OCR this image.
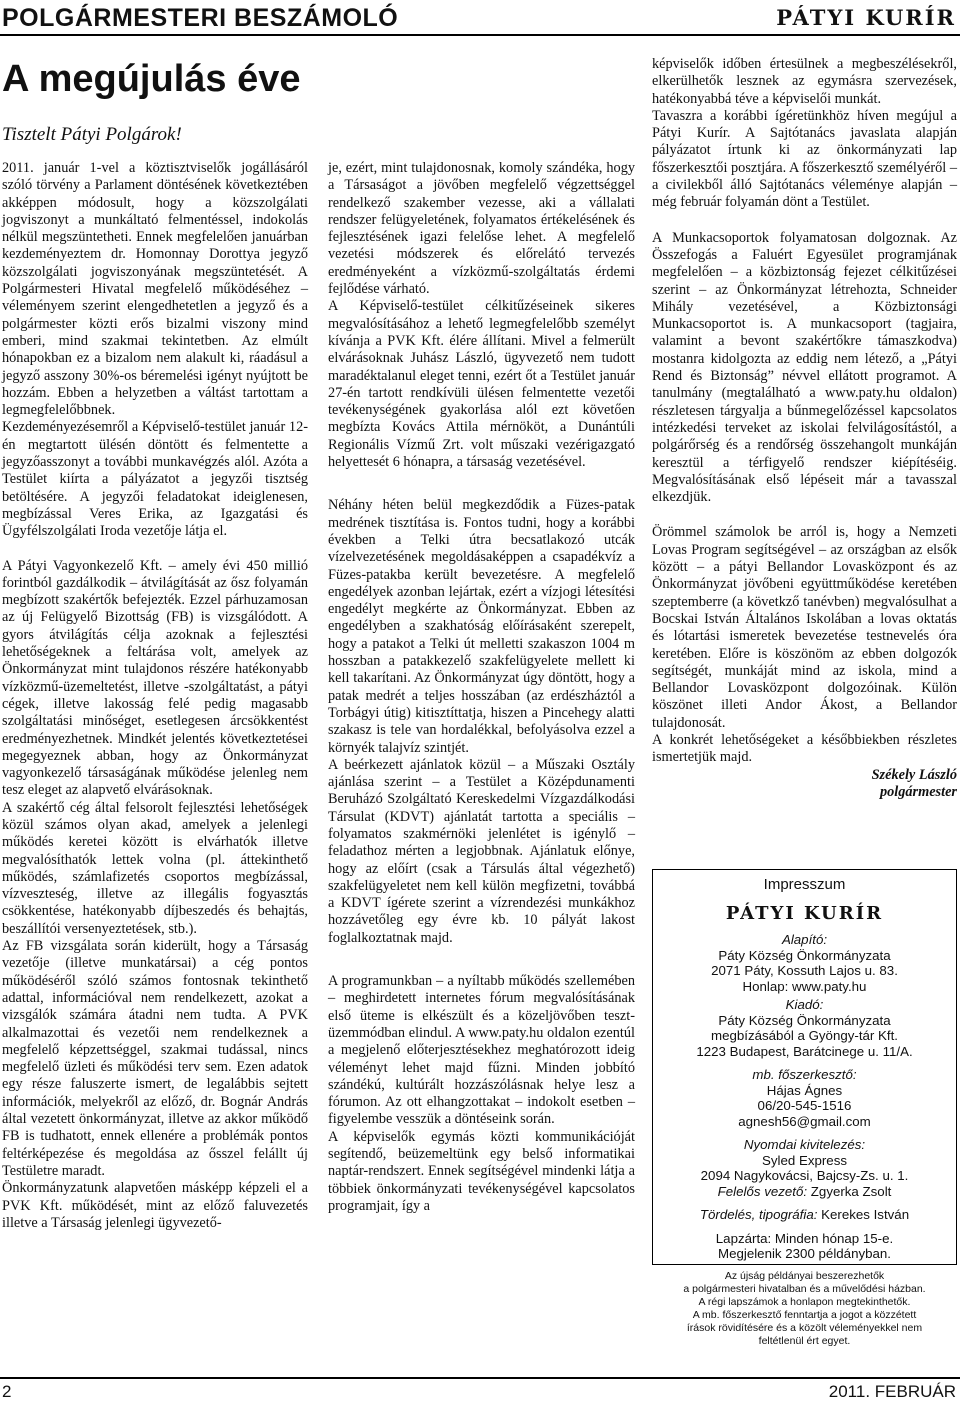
POLGÁRMESTERI BESZÁMOLÓ	PÁTYI KURÍR
A megújulás éve
Tisztelt Pátyi Polgárok!

2011. január 1-vel a köztisztviselők jogállásáról szóló törvény a Parlament döntésének következtében akképpen módosult, hogy a közszolgálati jogviszonyt a munkáltató felmentéssel, indokolás nélkül megszüntetheti. Ennek megfelelően januárban kezdeményeztem dr. Homonnay Dorottya jegyző közszolgálati jogviszonyának megszüntetését. A Polgármesteri Hivatal megfelelő működéséhez – véleményem szerint elengedhetetlen a jegyző és a polgármester közti erős bizalmi viszony mind emberi, mind szakmai tekintetben. Az elmúlt hónapokban ez a bizalom nem alakult ki, ráadásul a jegyző asszony 30%-os béremelési igényt nyújtott be hozzám. Ebben a helyzetben a váltást tartottam a legmegfelelőbbnek.

Kezdeményezésemről a Képviselő-testület január 12-én megtartott ülésén döntött és felmentette a jegyzőasszonyt a további munkavégzés alól. Azóta a Testület kiírta a pályázatot a jegyzői tisztség betöltésére. A jegyzői feladatokat ideiglenesen, megbízással Veres Erika, az Igazgatási és Ügyfélszolgálati Iroda vezetője látja el.

A Pátyi Vagyonkezelő Kft. – amely évi 450 millió forintból gazdálkodik – átvilágítását az ősz folyamán megbízott szakértők befejezték. Ezzel párhuzamosan az új Felügyelő Bizottság (FB) is vizsgálódott. A gyors átvilágítás célja azoknak a fejlesztési lehetőségeknek a feltárása volt, amelyek az Önkormányzat mint tulajdonos részére hatékonyabb vízközmű-üzemeltetést, illetve -szolgáltatást, a pátyi cégek, illetve lakosság felé pedig magasabb szolgáltatási minőséget, esetlegesen árcsökkentést eredményezhetnek. Mindkét jelentés következtetései megegyeznek abban, hogy az Önkormányzat vagyonkezelő társaságának működése jelenleg nem tesz eleget az alapvető elvárásoknak.

A szakértő cég által felsorolt fejlesztési lehetőségek közül számos olyan akad, amelyek a jelenlegi működés keretei között is elvárhatók illetve megvalósíthatók lettek volna (pl. áttekinthető működés, számlafizetés csoportos megbízással, vízveszteség, illetve az illegális fogyasztás csökkentése, hatékonyabb díjbeszedés és behajtás, beszállítói versenyeztetések, stb.).

Az FB vizsgálata során kiderült, hogy a Társaság vezetője (illetve munkatársai) a cég pontos működéséről szóló számos fontosnak tekinthető adattal, információval nem rendelkezett, azokat a vizsgálók számára átadni nem tudta. A PVK alkalmazottai és vezetői nem rendelkeznek a megfelelő képzettséggel, szakmai tudással, nincs megfelelő üzleti és működési terv sem. Ezen adatok egy része faluszerte ismert, de legalábbis sejtett információk, melyekről az előző, dr. Bognár András által vezetett önkormányzat, illetve az akkor működő FB is tudhatott, ennek ellenére a problémák pontos feltérképezése és megoldása az ősszel felállt új Testületre maradt.

Önkormányzatunk alapvetően másképp képzeli el a PVK Kft. működését, mint az előző faluvezetés illetve a Társaság jelenlegi ügyvezető-

je, ezért, mint tulajdonosnak, komoly szándéka, hogy a Társaságot a jövőben megfelelő végzettséggel rendelkező szakember vezesse, aki a vállalati rendszer felügyeletének, folyamatos értékelésének és fejlesztésének igazi felelőse lehet. A megfelelő vezetési módszerek és előrelátó tervezés eredményeként a vízközmű-szolgáltatás érdemi fejlődése várható.

A Képviselő-testület célkitűzéseinek sikeres megvalósításához a lehető legmegfelelőbb személyt kívánja a PVK Kft. élére állítani. Mivel a felmerült elvárásoknak Juhász László, ügyvezető nem tudott maradéktalanul eleget tenni, ezért őt a Testület január 27-én tartott rendkívüli ülésen felmentette vezetői tevékenységének gyakorlása alól ezt követően megbízta Kovács Attila mérnököt, a Dunántúli Regionális Vízmű Zrt. volt műszaki vezérigazgató helyettesét 6 hónapra, a társaság vezetésével.

Néhány héten belül megkezdődik a Füzes-patak medrének tisztítása is. Fontos tudni, hogy a korábbi években a Telki útra becsatlakozó utcák vízelvezetésének megoldásaképpen a csapadékvíz a Füzes-patakba került bevezetésre. A megfelelő engedélyek azonban lejártak, ezért a vízjogi létesítési engedélyt megkérte az Önkormányzat. Ebben az engedélyben a szakhatóság előírásaként szerepelt, hogy a patakot a Telki út melletti szakaszon 1004 m hosszban a patakkezelő szakfelügyelete mellett ki kell takarítani. Az Önkormányzat úgy döntött, hogy a patak medrét a teljes hosszában (az erdészháztól a Torbágyi útig) kitisztíttatja, hiszen a Pincehegy alatti szakasz is tele van hordalékkal, befolyásolva ezzel a környék talajvíz szintjét.

A beérkezett ajánlatok közül – a Műszaki Osztály ajánlása szerint – a Testület a Középdunamenti Beruházó Szolgáltató Kereskedelmi Vízgazdálkodási Társulat (KDVT) ajánlatát tartotta a speciális – folyamatos szakmérnöki jelenlétet is igénylő – feladathoz mérten a legjobbnak. Ajánlatuk előnye, hogy az előírt (csak a Társulás által végezhető) szakfelügyeletet nem kell külön megfizetni, továbbá a KDVT ígérete szerint a vízrendezési munkákhoz hozzávetőleg egy évre kb. 10 pályát lakost foglalkoztatnak majd.

A programunkban – a nyíltabb működés szellemében – meghirdetett internetes fórum megvalósításának első üteme is elkészült és a közeljövőben teszt-üzemmódban elindul. A www.paty.hu oldalon ezentúl a megjelenő előterjesztésekhez meghatórozott ideig véleményt lehet majd fűzni. Minden jobbító szándékú, kultúrált hozzászólásnak helye lesz a fórumon. Az ott elhangzottakat – indokolt esetben – figyelembe vesszük a döntéseink során.

A képviselők egymás közti kommunikációját segítendő, beüzemeltünk egy belső informatikai naptár-rendszert. Ennek segítségével mindenki látja a többiek önkormányzati tevékenységével kapcsolatos programjait, így a

képviselők időben értesülnek a megbeszélésekről, elkerülhetők lesznek az egymásra szervezések, hatékonyabbá téve a képviselői munkát.

Tavaszra a korábbi ígéretünkhöz híven megújul a Pátyi Kurír. A Sajtótanács javaslata alapján pályázatot írtunk ki az önkormányzati lap főszerkesztői posztjára. A főszerkesztő személyéről – a civilekből álló Sajtótanács véleménye alapján – még február folyamán dönt a Testület.

A Munkacsoportok folyamatosan dolgoznak. Az Összefogás a Faluért Egyesület programjának megfelelően – a közbiztonság fejezet célkitűzései szerint – az Önkormányzat létrehozta, Schneider Mihály vezetésével, a Közbiztonsági Munkacsoportot is. A munkacsoport (tagjaira, valamint a bevont szakértőkre támaszkodva) mostanra kidolgozta az eddig nem létező, a „Pátyi Rend és Biztonság” névvel ellátott programot. A tanulmány (megtalálható a www.paty.hu oldalon) részletesen tárgyalja a bűnmegelőzéssel kapcsolatos intézkedési terveket az iskolai felvilágosítástól, a polgárőrség és a rendőrség összehangolt munkáján keresztül a térfigyelő rendszer kiépítéséig. Megvalósításának első lépéseit már a tavasszal elkezdjük.

Örömmel számolok be arról is, hogy a Nemzeti Lovas Program segítségével – az országban az elsők között – a pátyi Bellandor Lovasközpont és az Önkormányzat jövőbeni együttműködése keretében szeptemberre (a követkző tanévben) megvalósulhat a Bocskai István Általános Iskolában a lovas oktatás és lótartási ismeretek bevezetése testnevelés óra keretében. Előre is köszönöm az ebben dolgozók segítségét, munkáját mind az iskola, mind a Bellandor Lovasközpont dolgozóinak. Külön köszönet illeti Andor Ákost, a Bellandor tulajdonosát.

A konkrét lehetőségeket a későbbiekben részletes ismertetjük majd.

Székely László

polgármester

Impresszum
PÁTYI KURÍR
Alapító:
Páty Község Önkormányzata
2071 Páty, Kossuth Lajos u. 83.
Honlap: www.paty.hu
Kiadó:
Páty Község Önkormányzata
megbízásából a Gyöngy-tár Kft.
1223 Budapest, Barátcinege u. 11/A.
mb. főszerkesztő:
Hájas Ágnes
06/20-545-1516
agnesh56@gmail.com
Nyomdai kivitelezés:
Syled Express
2094 Nagykovácsi, Bajcsy-Zs. u. 1.
Felelős vezető: Zgyerka Zsolt
Tördelés, tipográfia: Kerekes István
Lapzárta: Minden hónap 15-e.
Megjelenik 2300 példányban.
Az újság példányai beszerezhetők
a polgármesteri hivatalban és a művelődési házban.
A régi lapszámok a honlapon megtekinthetők.
A mb. főszerkesztő fenntartja a jogot a közzétett
írások rövidítésére és a közölt véleményekkel nem
feltétlenül ért egyet.
2	2011. FEBRUÁR
